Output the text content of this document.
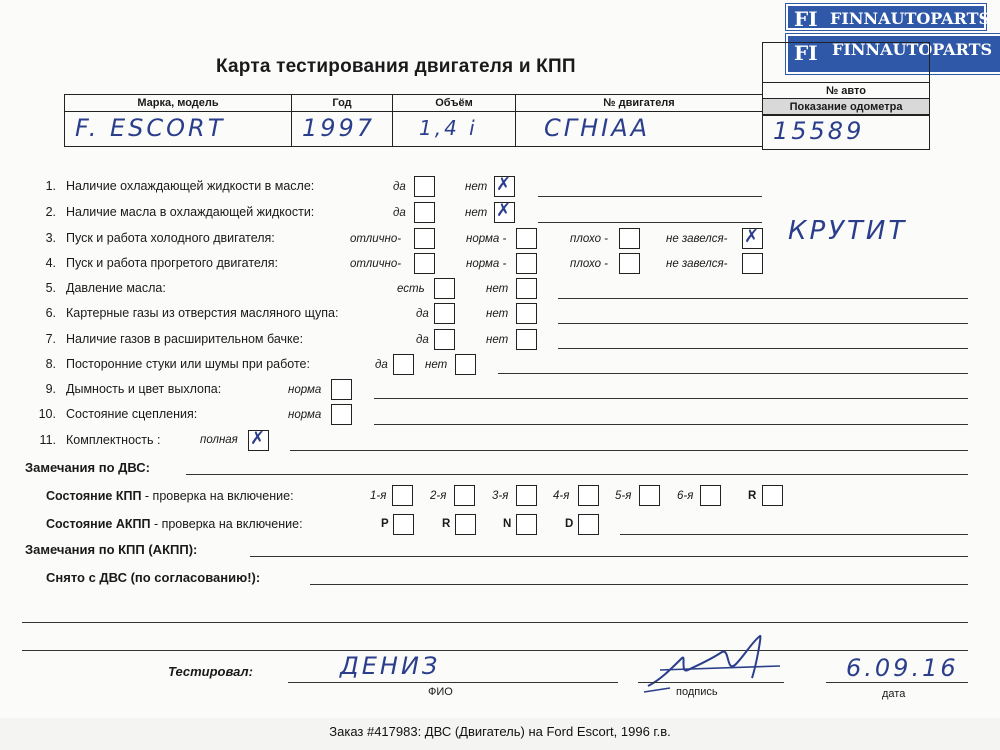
FI FINNAUTOPARTS
FI FINNAUTOPARTS
Карта тестирования двигателя и КПП
№ авто
Показание одометра
15589
Марка, модель	Год	Объём	№ двигателя

F. ESCORT	1997	1,4 i	CГНІАА
1. Наличие охлаждающей жидкости в масле:	да	нет ✗
2. Наличие масла в охлаждающей жидкости:	да	нет ✗
3. Пуск и работа холодного двигателя:	отлично-	норма -	плохо -	не завелся- ✗ КРУТИТ
4. Пуск и работа прогретого двигателя:	отлично-	норма -	плохо -	не завелся-
5. Давление масла:	есть	нет
6. Картерные газы из отверстия масляного щупа:	да	нет
7. Наличие газов в расширительном бачке:	да	нет
8. Посторонние стуки или шумы при работе:	да	нет
9. Дымность и цвет выхлопа:	норма
10. Состояние сцепления:	норма
11. Комплектность :	полная ✗
Замечания по ДВС:
Состояние КПП - проверка на включение:	1-я	2-я	3-я	4-я	5-я	6-я	R
Состояние АКПП - проверка на включение:	P	R	N	D
Замечания по КПП (АКПП):
Снято с ДВС (по согласованию!):
Тестировал:	ДЕНИЗ
ФИО	подпись
6.09.16
дата
Заказ #417983: ДВС (Двигатель) на Ford Escort, 1996 г.в.
